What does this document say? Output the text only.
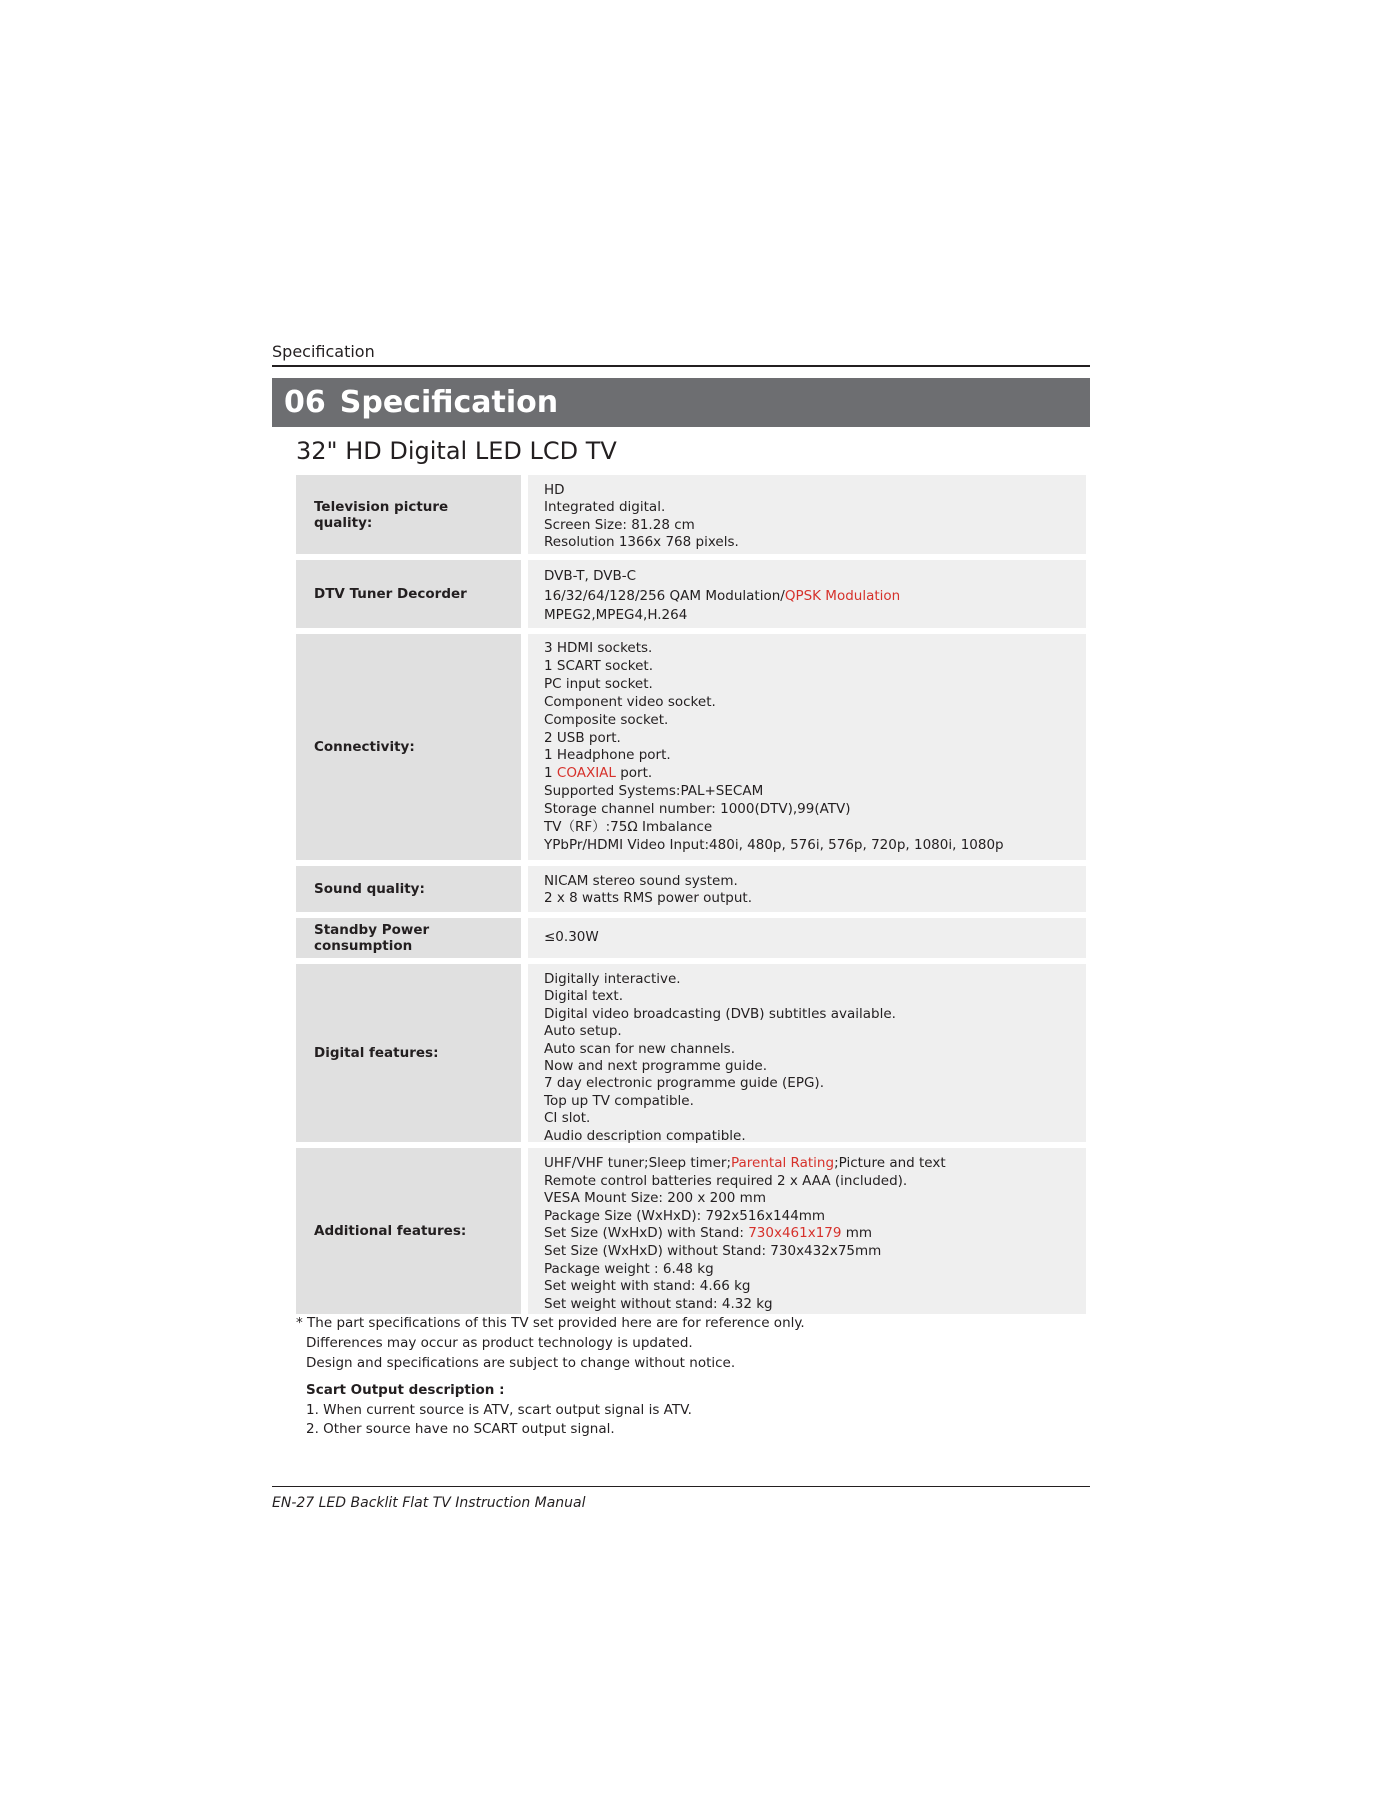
Specification
06 Specification
32" HD Digital LED LCD TV
Television picture quality:
HD
Integrated digital.
Screen Size: 81.28 cm
Resolution 1366x 768 pixels.
DTV Tuner Decorder
DVB-T, DVB-C
16/32/64/128/256 QAM Modulation/QPSK Modulation
MPEG2,MPEG4,H.264
Connectivity:
3 HDMI sockets.
1 SCART socket.
PC input socket.
Component video socket.
Composite socket.
2 USB port.
1 Headphone port.
1 COAXIAL port.
Supported Systems:PAL+SECAM
Storage channel number: 1000(DTV),99(ATV)
TV（RF）:75Ω Imbalance
YPbPr/HDMI Video Input:480i, 480p, 576i, 576p, 720p, 1080i, 1080p
Sound quality:	NICAM stereo sound system.
2 x 8 watts RMS power output.
Standby Power
consumption
≤0.30W
Digital features:
Digitally interactive.
Digital text.
Digital video broadcasting (DVB) subtitles available.
Auto setup.
Auto scan for new channels.
Now and next programme guide.
7 day electronic programme guide (EPG).
Top up TV compatible.
CI slot.
Audio description compatible.
Additional features:
UHF/VHF tuner;Sleep timer;Parental Rating;Picture and text
Remote control batteries required 2 x AAA (included).
VESA Mount Size: 200 x 200 mm
Package Size (WxHxD): 792x516x144mm
Set Size (WxHxD) with Stand: 730x461x179 mm
Set Size (WxHxD) without Stand: 730x432x75mm
Package weight : 6.48 kg
Set weight with stand: 4.66 kg
Set weight without stand: 4.32 kg
* The part specifications of this TV set provided here are for reference only.
Differences may occur as product technology is updated.
Design and specifications are subject to change without notice.
Scart Output description :
1. When current source is ATV, scart output signal is ATV.
2. Other source have no SCART output signal.
EN-27 LED Backlit Flat TV Instruction Manual
